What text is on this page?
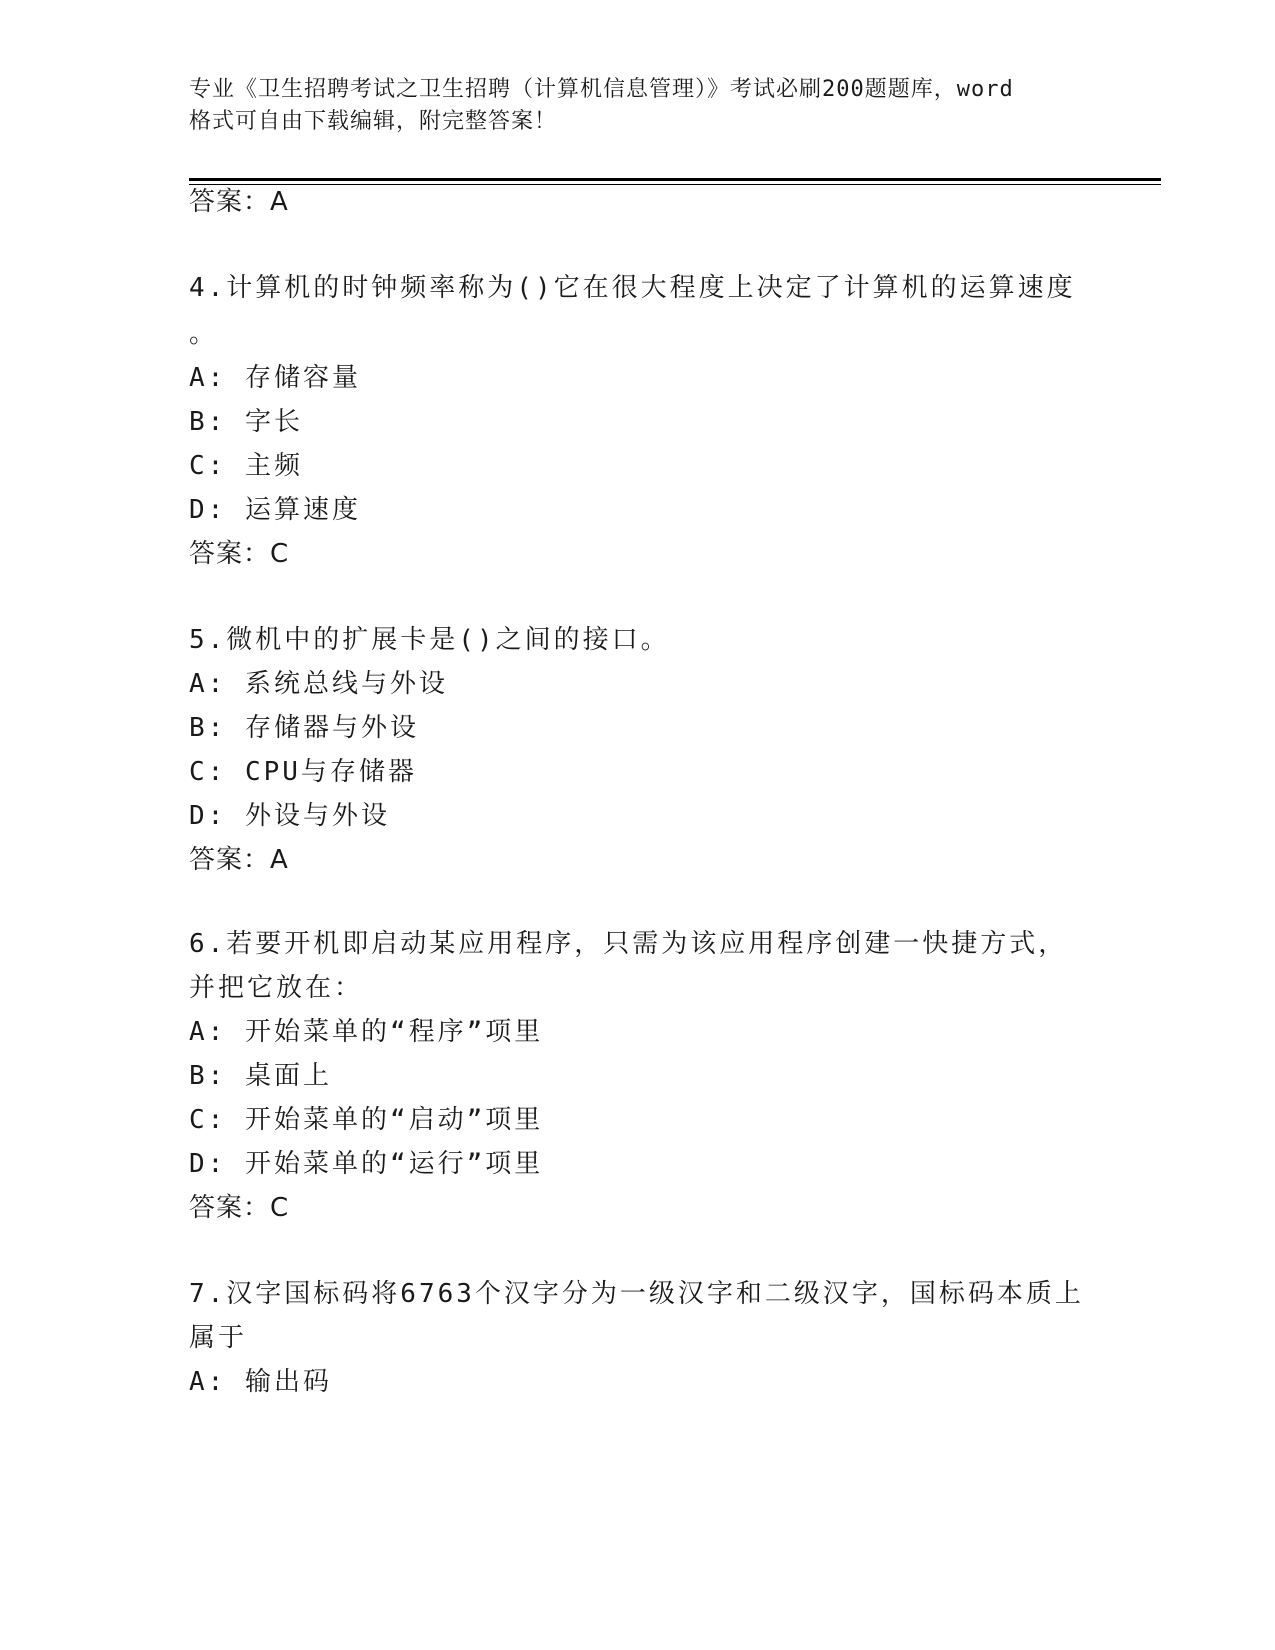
专业《卫生招聘考试之卫生招聘（计算机信息管理）》考试必刷200题题库，word
格式可自由下载编辑，附完整答案！
答案：A
4.计算机的时钟频率称为()它在很大程度上决定了计算机的运算速度
。
A: 存储容量
B: 字长
C: 主频
D: 运算速度
答案：C
5.微机中的扩展卡是()之间的接口。
A: 系统总线与外设
B: 存储器与外设
C: CPU与存储器
D: 外设与外设
答案：A
6.若要开机即启动某应用程序，只需为该应用程序创建一快捷方式，
并把它放在：
A: 开始菜单的“程序”项里
B: 桌面上
C: 开始菜单的“启动”项里
D: 开始菜单的“运行”项里
答案：C
7.汉字国标码将6763个汉字分为一级汉字和二级汉字，国标码本质上
属于
A: 输出码
